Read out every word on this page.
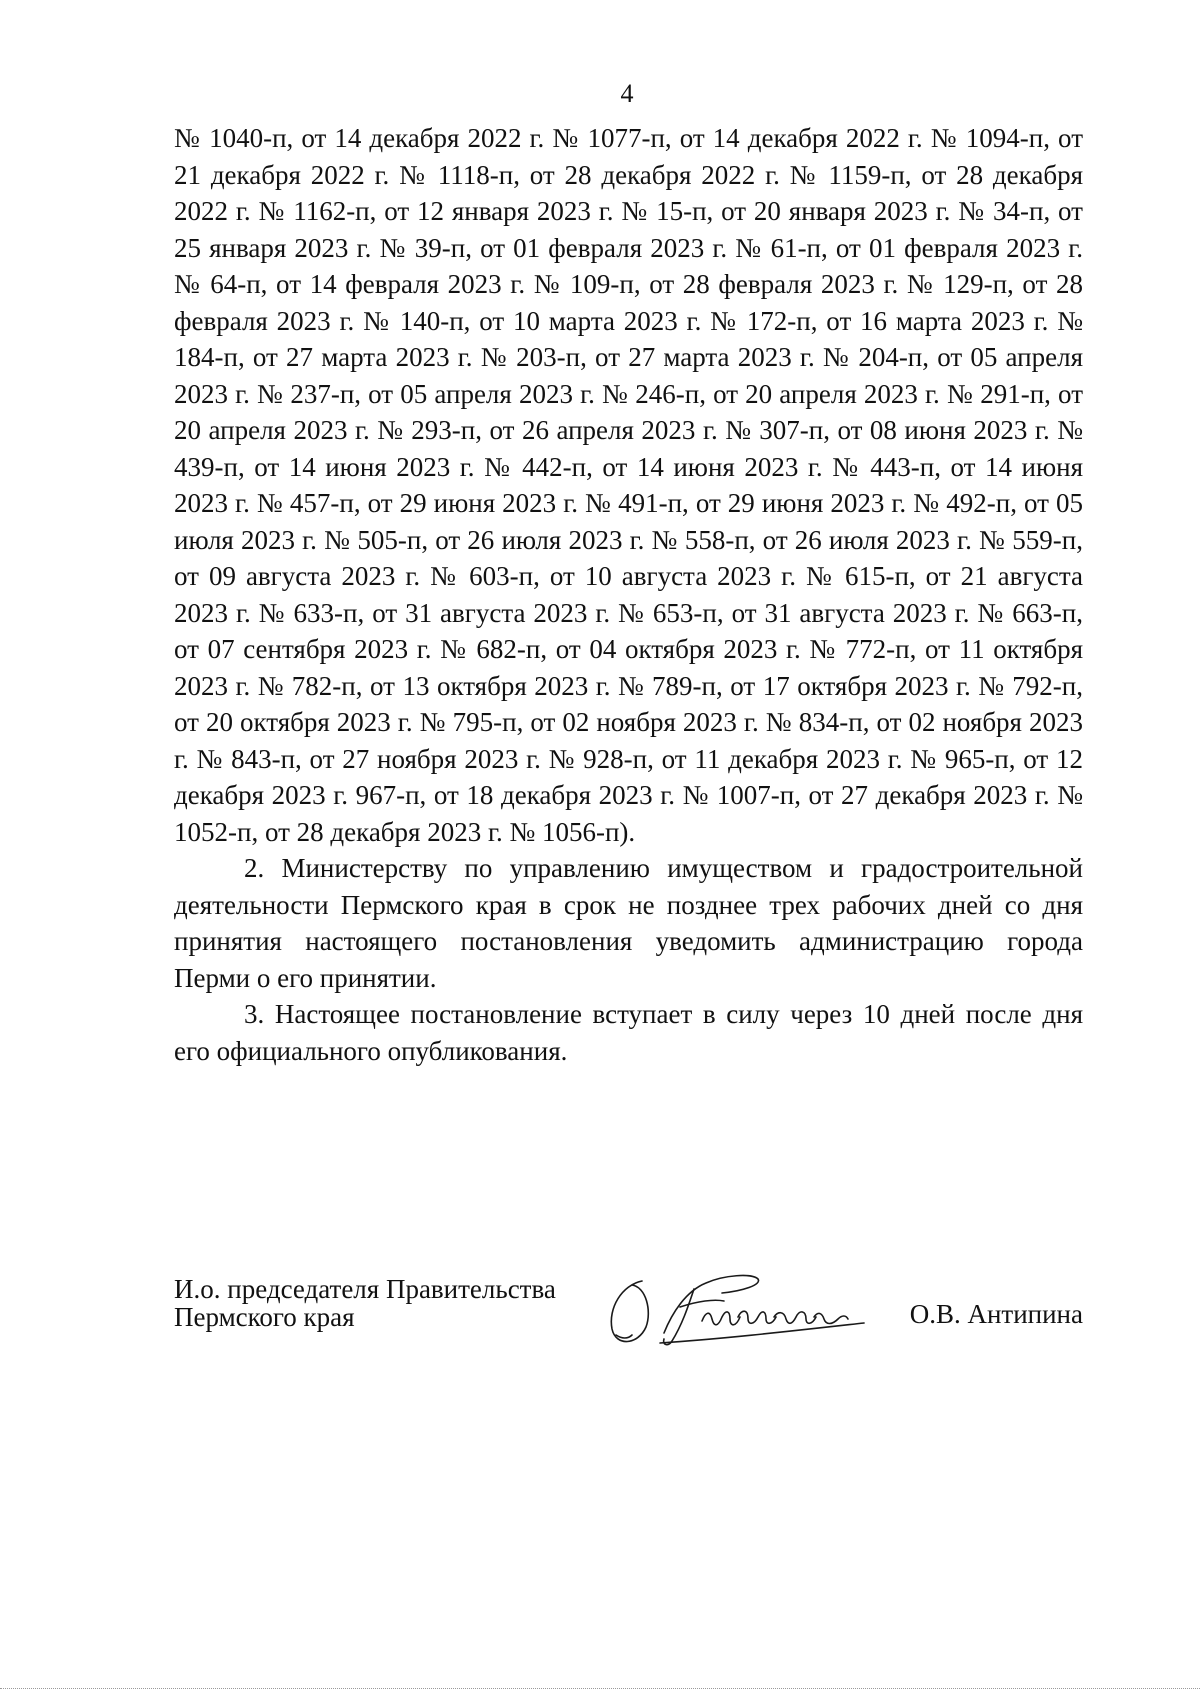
4

№ 1040-п, от 14 декабря 2022 г. № 1077-п, от 14 декабря 2022 г. № 1094-п, от 21 декабря 2022 г. № 1118-п, от 28 декабря 2022 г. № 1159-п, от 28 декабря 2022 г. № 1162-п, от 12 января 2023 г. № 15-п, от 20 января 2023 г. № 34-п, от 25 января 2023 г. № 39-п, от 01 февраля 2023 г. № 61-п, от 01 февраля 2023 г. № 64-п, от 14 февраля 2023 г. № 109-п, от 28 февраля 2023 г. № 129-п, от 28 февраля 2023 г. № 140-п, от 10 марта 2023 г. № 172-п, от 16 марта 2023 г. № 184-п, от 27 марта 2023 г. № 203-п, от 27 марта 2023 г. № 204-п, от 05 апреля 2023 г. № 237-п, от 05 апреля 2023 г. № 246-п, от 20 апреля 2023 г. № 291-п, от 20 апреля 2023 г. № 293-п, от 26 апреля 2023 г. № 307-п, от 08 июня 2023 г. № 439-п, от 14 июня 2023 г. № 442-п, от 14 июня 2023 г. № 443-п, от 14 июня 2023 г. № 457-п, от 29 июня 2023 г. № 491-п, от 29 июня 2023 г. № 492-п, от 05 июля 2023 г. № 505-п, от 26 июля 2023 г. № 558-п, от 26 июля 2023 г. № 559-п, от 09 августа 2023 г. № 603-п, от 10 августа 2023 г. № 615-п, от 21 августа 2023 г. № 633-п, от 31 августа 2023 г. № 653-п, от 31 августа 2023 г. № 663-п, от 07 сентября 2023 г. № 682-п, от 04 октября 2023 г. № 772-п, от 11 октября 2023 г. № 782-п, от 13 октября 2023 г. № 789-п, от 17 октября 2023 г. № 792-п, от 20 октября 2023 г. № 795-п, от 02 ноября 2023 г. № 834-п, от 02 ноября 2023 г. № 843-п, от 27 ноября 2023 г. № 928-п, от 11 декабря 2023 г. № 965-п, от 12 декабря 2023 г. 967-п, от 18 декабря 2023 г. № 1007-п, от 27 декабря 2023 г. № 1052-п, от 28 декабря 2023 г. № 1056-п).

2. Министерству по управлению имуществом и градостроительной деятельности Пермского края в срок не позднее трех рабочих дней со дня принятия настоящего постановления уведомить администрацию города Перми о его принятии.

3. Настоящее постановление вступает в силу через 10 дней после дня его официального опубликования.

И.о. председателя Правительства
Пермского края	О.В. Антипина
